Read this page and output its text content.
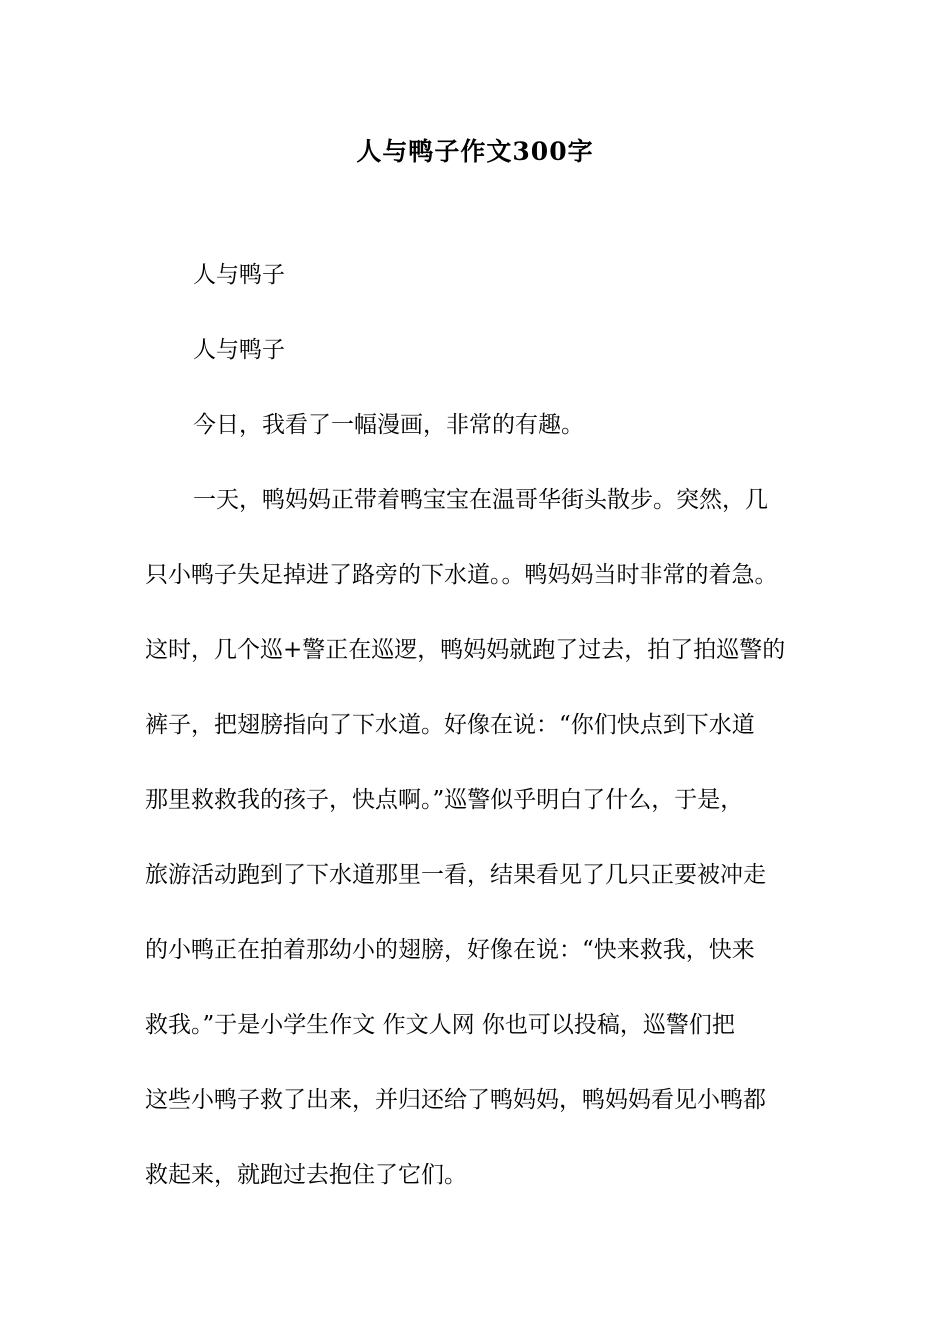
人与鸭子作文300字
人与鸭子
人与鸭子
今日，我看了一幅漫画，非常的有趣。
一天，鸭妈妈正带着鸭宝宝在温哥华街头散步。突然，几
只小鸭子失足掉进了路旁的下水道。。鸭妈妈当时非常的着急。
这时，几个巡+警正在巡逻，鸭妈妈就跑了过去，拍了拍巡警的
裤子，把翅膀指向了下水道。好像在说：“你们快点到下水道
那里救救我的孩子，快点啊。”巡警似乎明白了什么，于是，
旅游活动跑到了下水道那里一看，结果看见了几只正要被冲走
的小鸭正在拍着那幼小的翅膀，好像在说：“快来救我，快来
救我。”于是小学生作文 作文人网 你也可以投稿，巡警们把
这些小鸭子救了出来，并归还给了鸭妈妈，鸭妈妈看见小鸭都
救起来，就跑过去抱住了它们。
